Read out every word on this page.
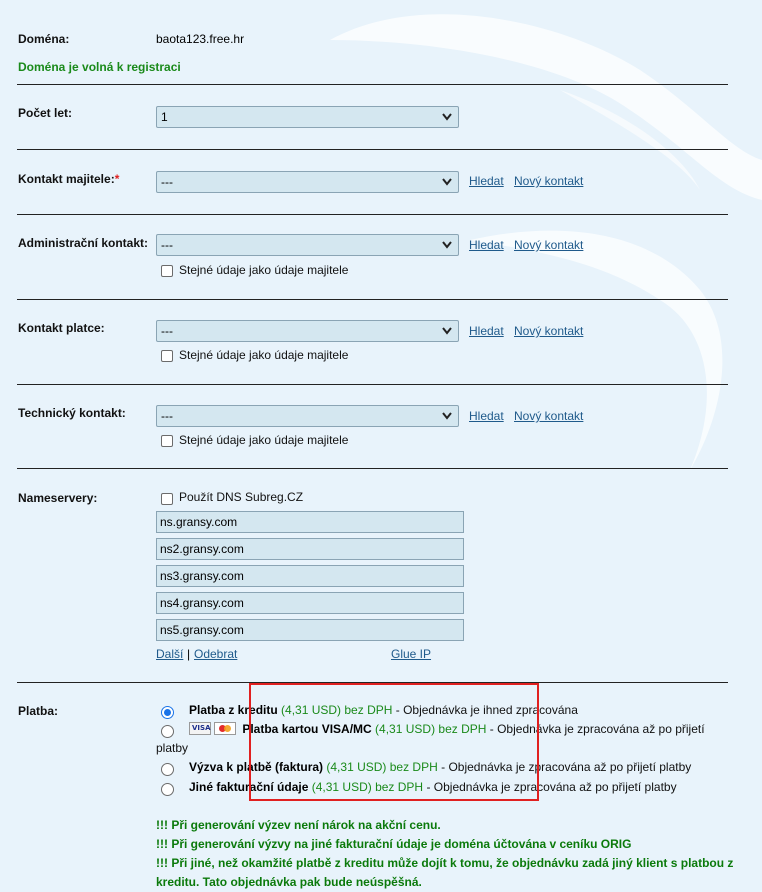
Doména:	baota123.free.hr
Doména je volná k registraci
Počet let:	1
Kontakt majitele:*	---	Hledat Nový kontakt
Administrační kontakt:	---	Hledat Nový kontakt
Stejné údaje jako údaje majitele
Kontakt platce:	---	Hledat Nový kontakt
Stejné údaje jako údaje majitele
Technický kontakt:	---	Hledat Nový kontakt
Stejné údaje jako údaje majitele
Nameservery:	Použít DNS Subreg.CZ
ns.gransy.com
ns2.gransy.com
ns3.gransy.com
ns4.gransy.com
ns5.gransy.com
Další | Odebrat	Glue IP
Platba:	Platba z kreditu (4,31 USD) bez DPH - Objednávka je ihned zpracována
VISA	Platba kartou VISA/MC (4,31 USD) bez DPH - Objednávka je zpracována až po přijetí
platby
Výzva k platbě (faktura) (4,31 USD) bez DPH - Objednávka je zpracována až po přijetí platby
Jiné fakturační údaje (4,31 USD) bez DPH - Objednávka je zpracována až po přijetí platby
!!! Při generování výzev není nárok na akční cenu.
!!! Při generování výzvy na jiné fakturační údaje je doména účtována v ceníku ORIG
!!! Při jiné, než okamžité platbě z kreditu může dojít k tomu, že objednávku zadá jiný klient s platbou z
kreditu. Tato objednávka pak bude neúspěšná.
